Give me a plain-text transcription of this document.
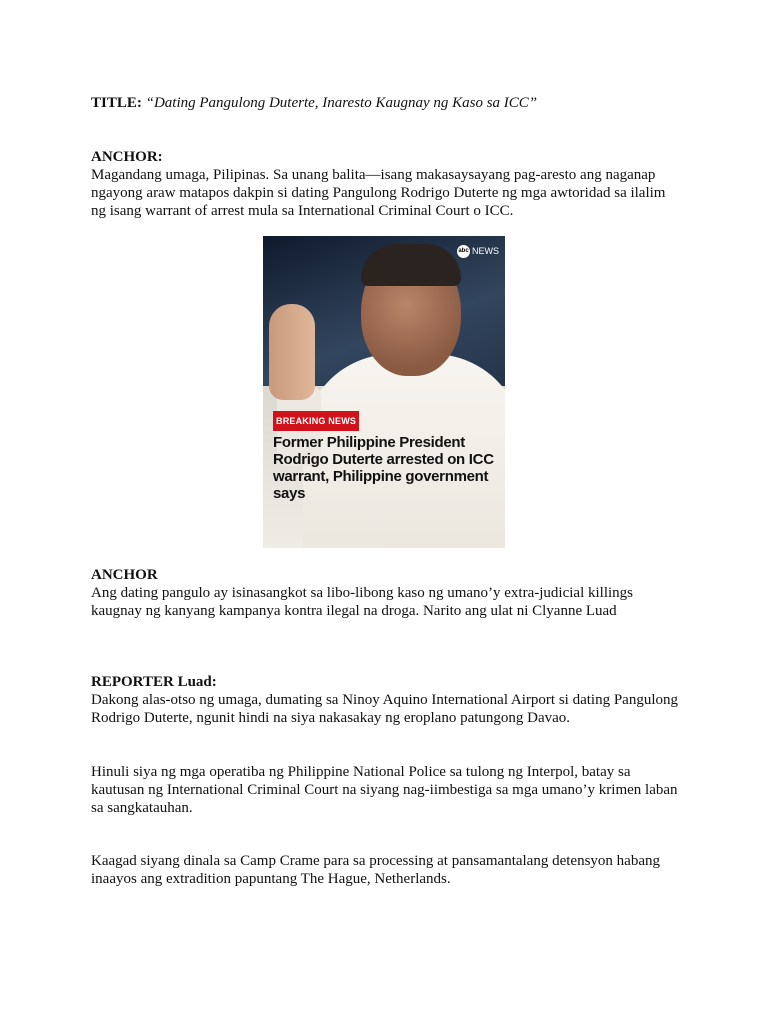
TITLE: “Dating Pangulong Duterte, Inaresto Kaugnay ng Kaso sa ICC”

ANCHOR:

Magandang umaga, Pilipinas. Sa unang balita—isang makasaysayang pag-aresto ang naganap ngayong araw matapos dakpin si dating Pangulong Rodrigo Duterte ng mga awtoridad sa ilalim ng isang warrant of arrest mula sa International Criminal Court o ICC.

abc NEWS
BREAKING NEWS
Former Philippine President Rodrigo Duterte arrested on ICC warrant, Philippine government says

ANCHOR

Ang dating pangulo ay isinasangkot sa libo-libong kaso ng umano’y extra-judicial killings kaugnay ng kanyang kampanya kontra ilegal na droga. Narito ang ulat ni Clyanne Luad

REPORTER Luad:

Dakong alas-otso ng umaga, dumating sa Ninoy Aquino International Airport si dating Pangulong Rodrigo Duterte, ngunit hindi na siya nakasakay ng eroplano patungong Davao.

Hinuli siya ng mga operatiba ng Philippine National Police sa tulong ng Interpol, batay sa kautusan ng International Criminal Court na siyang nag-iimbestiga sa mga umano’y krimen laban sa sangkatauhan.

Kaagad siyang dinala sa Camp Crame para sa processing at pansamantalang detensyon habang inaayos ang extradition papuntang The Hague, Netherlands.
